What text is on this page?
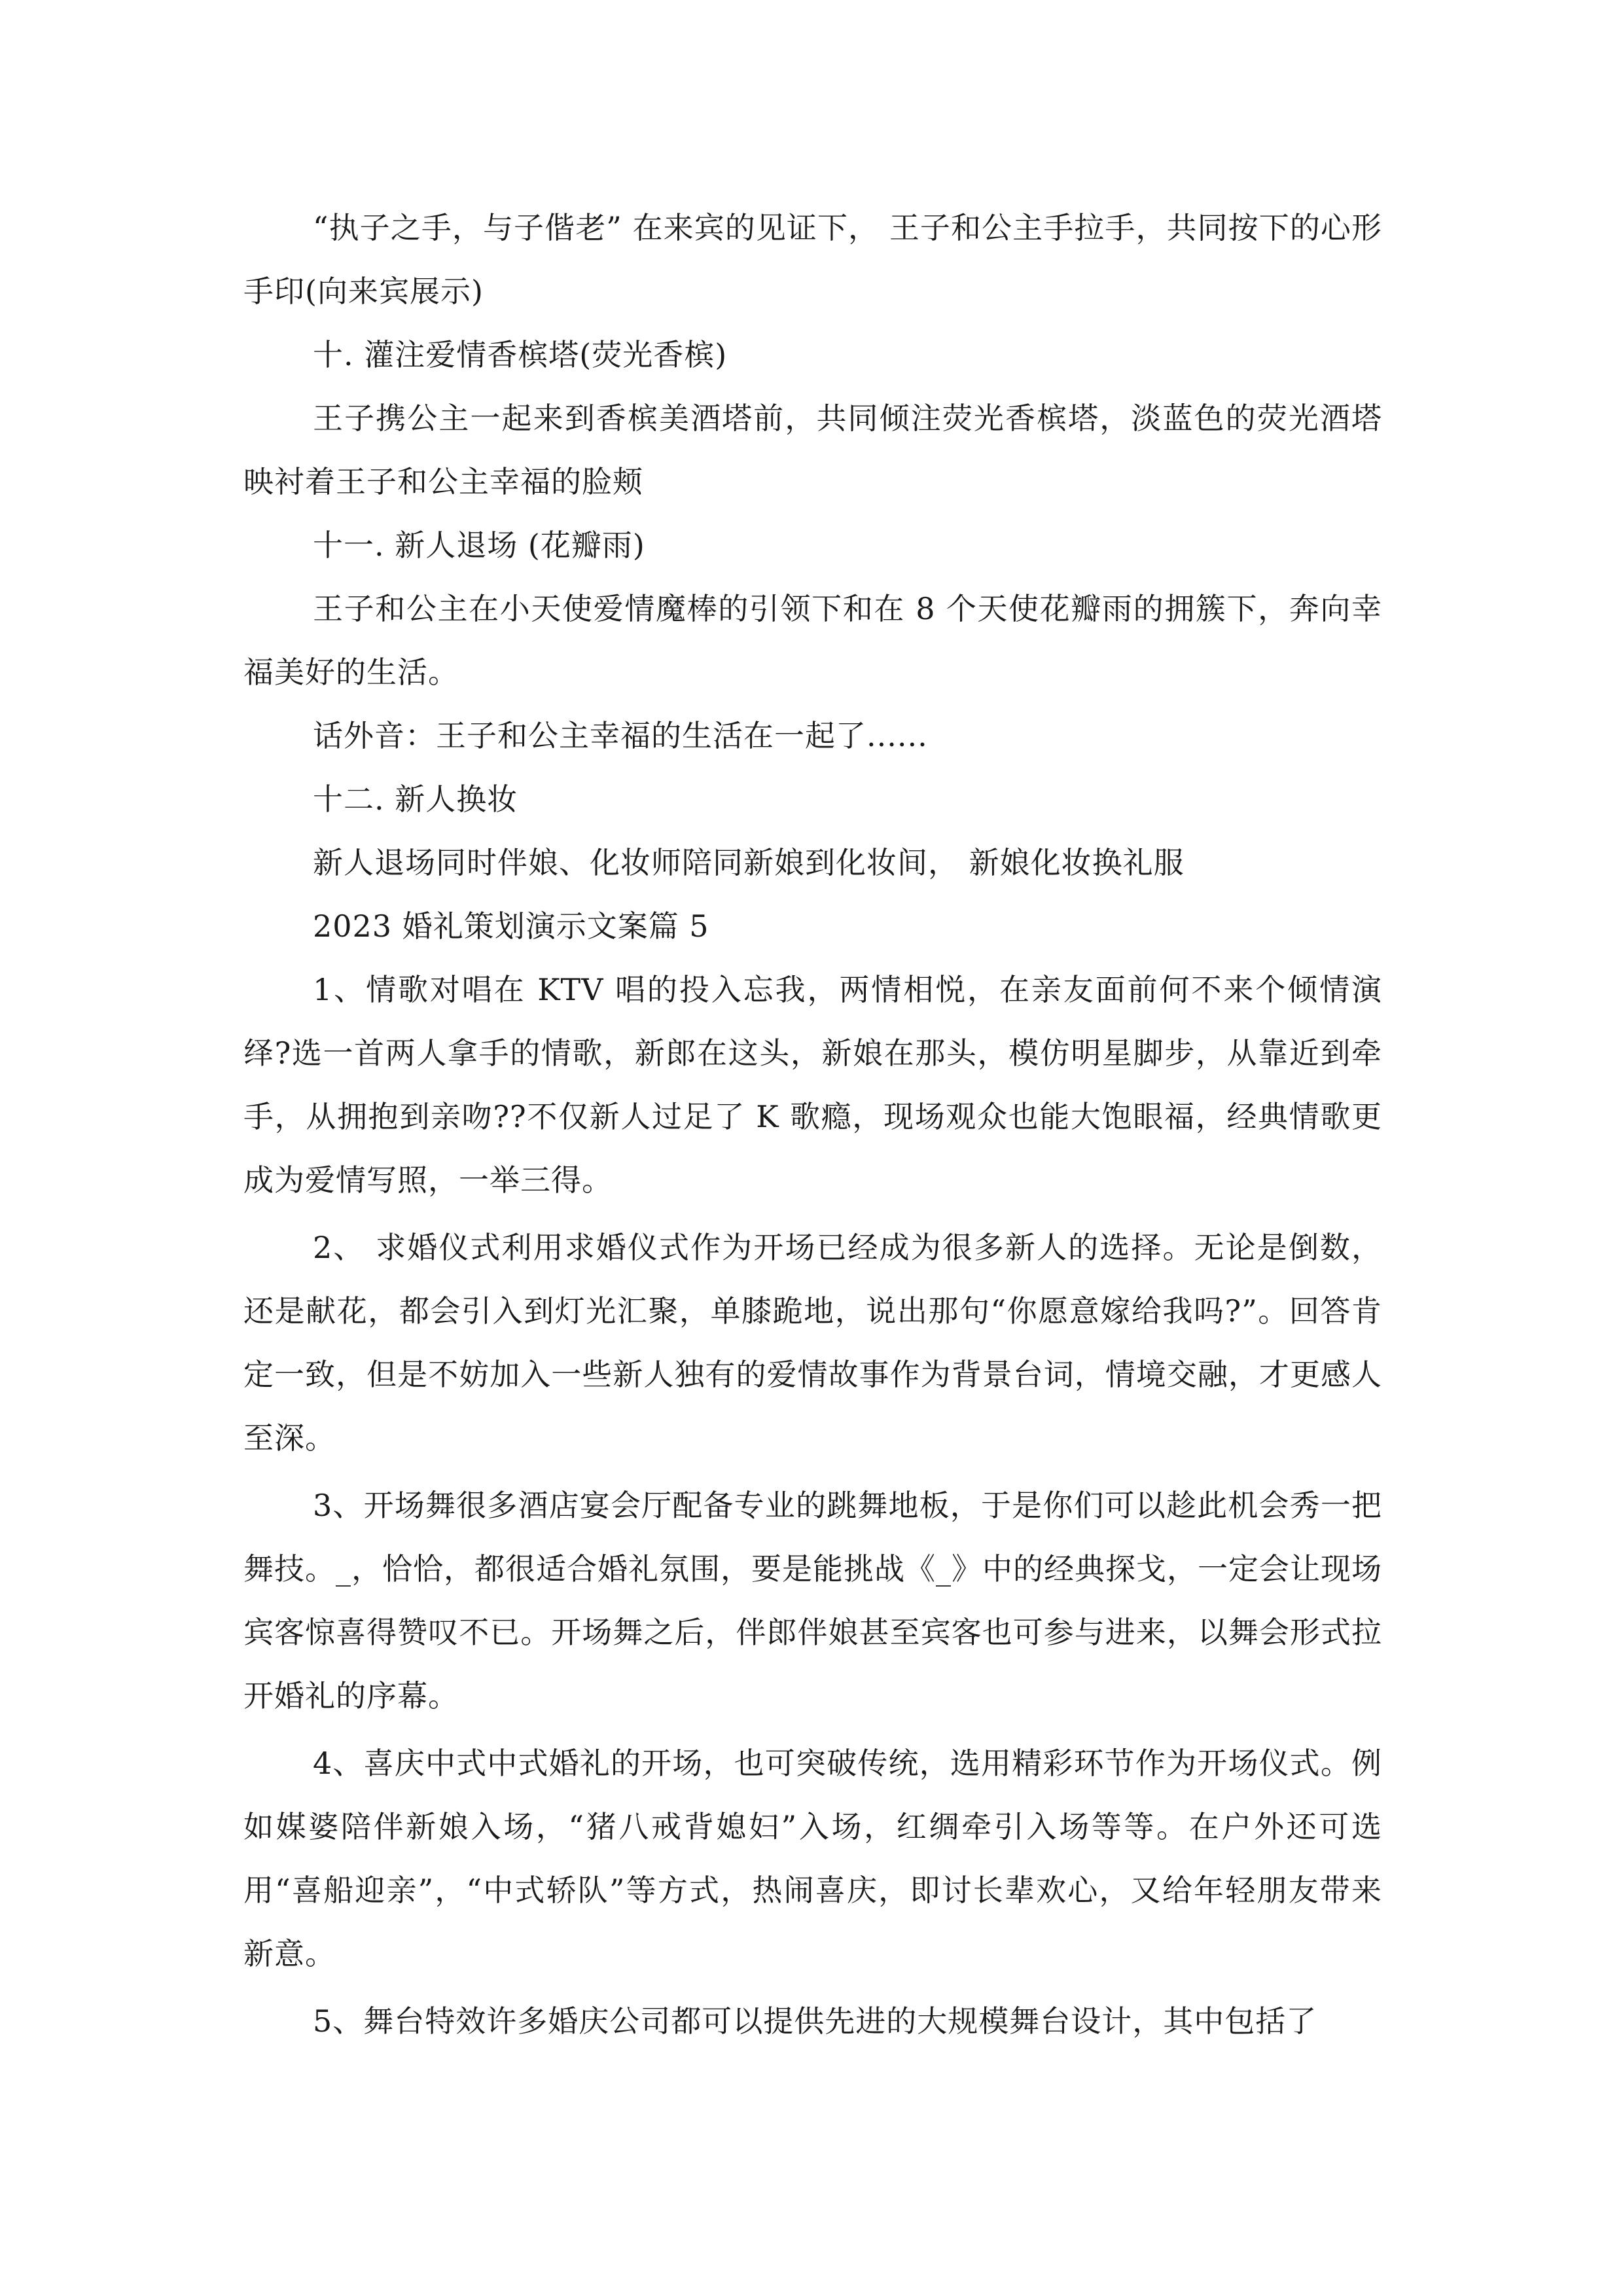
“执子之手，与子偕老” 在来宾的见证下， 王子和公主手拉手，共同按下的心形手印(向来宾展示)

十. 灌注爱情香槟塔(荧光香槟)

王子携公主一起来到香槟美酒塔前，共同倾注荧光香槟塔，淡蓝色的荧光酒塔映衬着王子和公主幸福的脸颊

十一. 新人退场 (花瓣雨)

王子和公主在小天使爱情魔棒的引领下和在 8 个天使花瓣雨的拥簇下，奔向幸福美好的生活。

话外音：王子和公主幸福的生活在一起了......

十二. 新人换妆

新人退场同时伴娘、化妆师陪同新娘到化妆间， 新娘化妆换礼服

2023 婚礼策划演示文案篇 5

1、情歌对唱在 KTV 唱的投入忘我，两情相悦，在亲友面前何不来个倾情演绎?选一首两人拿手的情歌，新郎在这头，新娘在那头，模仿明星脚步，从靠近到牵手，从拥抱到亲吻??不仅新人过足了 K 歌瘾，现场观众也能大饱眼福，经典情歌更成为爱情写照，一举三得。

2、 求婚仪式利用求婚仪式作为开场已经成为很多新人的选择。无论是倒数，还是献花，都会引入到灯光汇聚，单膝跪地，说出那句“你愿意嫁给我吗?”。回答肯定一致，但是不妨加入一些新人独有的爱情故事作为背景台词，情境交融，才更感人至深。

3、开场舞很多酒店宴会厅配备专业的跳舞地板，于是你们可以趁此机会秀一把舞技。_，恰恰，都很适合婚礼氛围，要是能挑战《_》中的经典探戈，一定会让现场宾客惊喜得赞叹不已。开场舞之后，伴郎伴娘甚至宾客也可参与进来，以舞会形式拉开婚礼的序幕。

4、喜庆中式中式婚礼的开场，也可突破传统，选用精彩环节作为开场仪式。例如媒婆陪伴新娘入场，“猪八戒背媳妇”入场，红绸牵引入场等等。在户外还可选用“喜船迎亲”，“中式轿队”等方式，热闹喜庆，即讨长辈欢心，又给年轻朋友带来新意。

5、舞台特效许多婚庆公司都可以提供先进的大规模舞台设计，其中包括了
